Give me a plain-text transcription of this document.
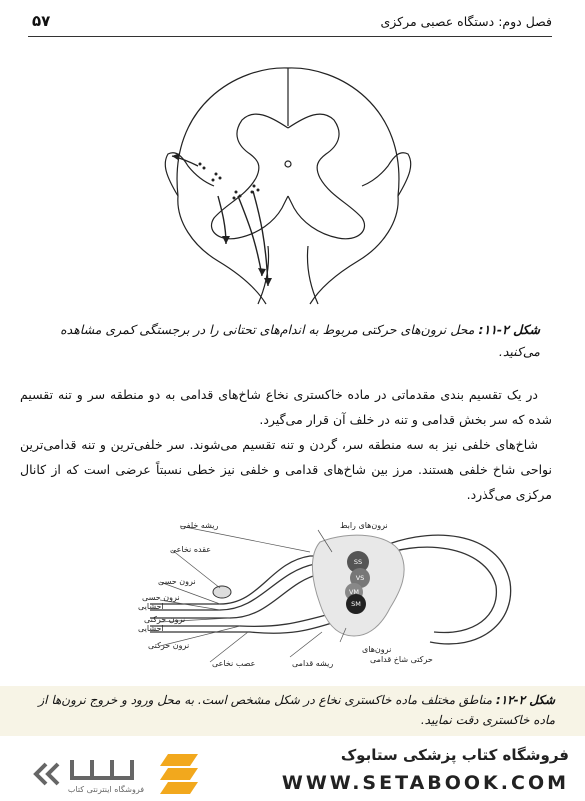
فصل دوم: دستگاه عصبی مرکزی
۵۷
شکل ۲-۱۱: محل نرون‌های حرکتی مربوط به اندام‌های تحتانی را در برجستگی کمری مشاهده می‌کنید.

در یک تقسیم بندی مقدماتی در ماده خاکستری نخاع شاخ‌های قدامی به دو منطقه سر و تنه تقسیم شده که سر بخش قدامی و تنه در خلف آن قرار می‌گیرد.

شاخ‌های خلفی نیز به سه منطقه سر، گردن و تنه تقسیم می‌شوند. سر خلفی‌ترین و تنه قدامی‌ترین نواحی شاخ خلفی هستند. مرز بین شاخ‌های قدامی و خلفی نیز خطی نسبتاً عرضی است که از کانال مرکزی می‌گذرد.

SS
VS
VM
SM
ریشه خلفی
عقده نخاعی
نرون حسی
نرون حسی
احشایی
نرون حرکتی
احشایی
نرون حرکتی
عصب نخاعی	ریشه قدامی
نرون‌های
حرکتی شاخ قدامی
نرون‌های رابط
شکل ۲-۱۲: مناطق مختلف ماده خاکستری نخاع در شکل مشخص است. به محل ورود و خروج نرون‌ها از ماده خاکستری دقت نمایید.
فروشگاه اینترنتی کتاب
فروشگاه کتاب پزشکی ستابوک
WWW.SETABOOK.COM
